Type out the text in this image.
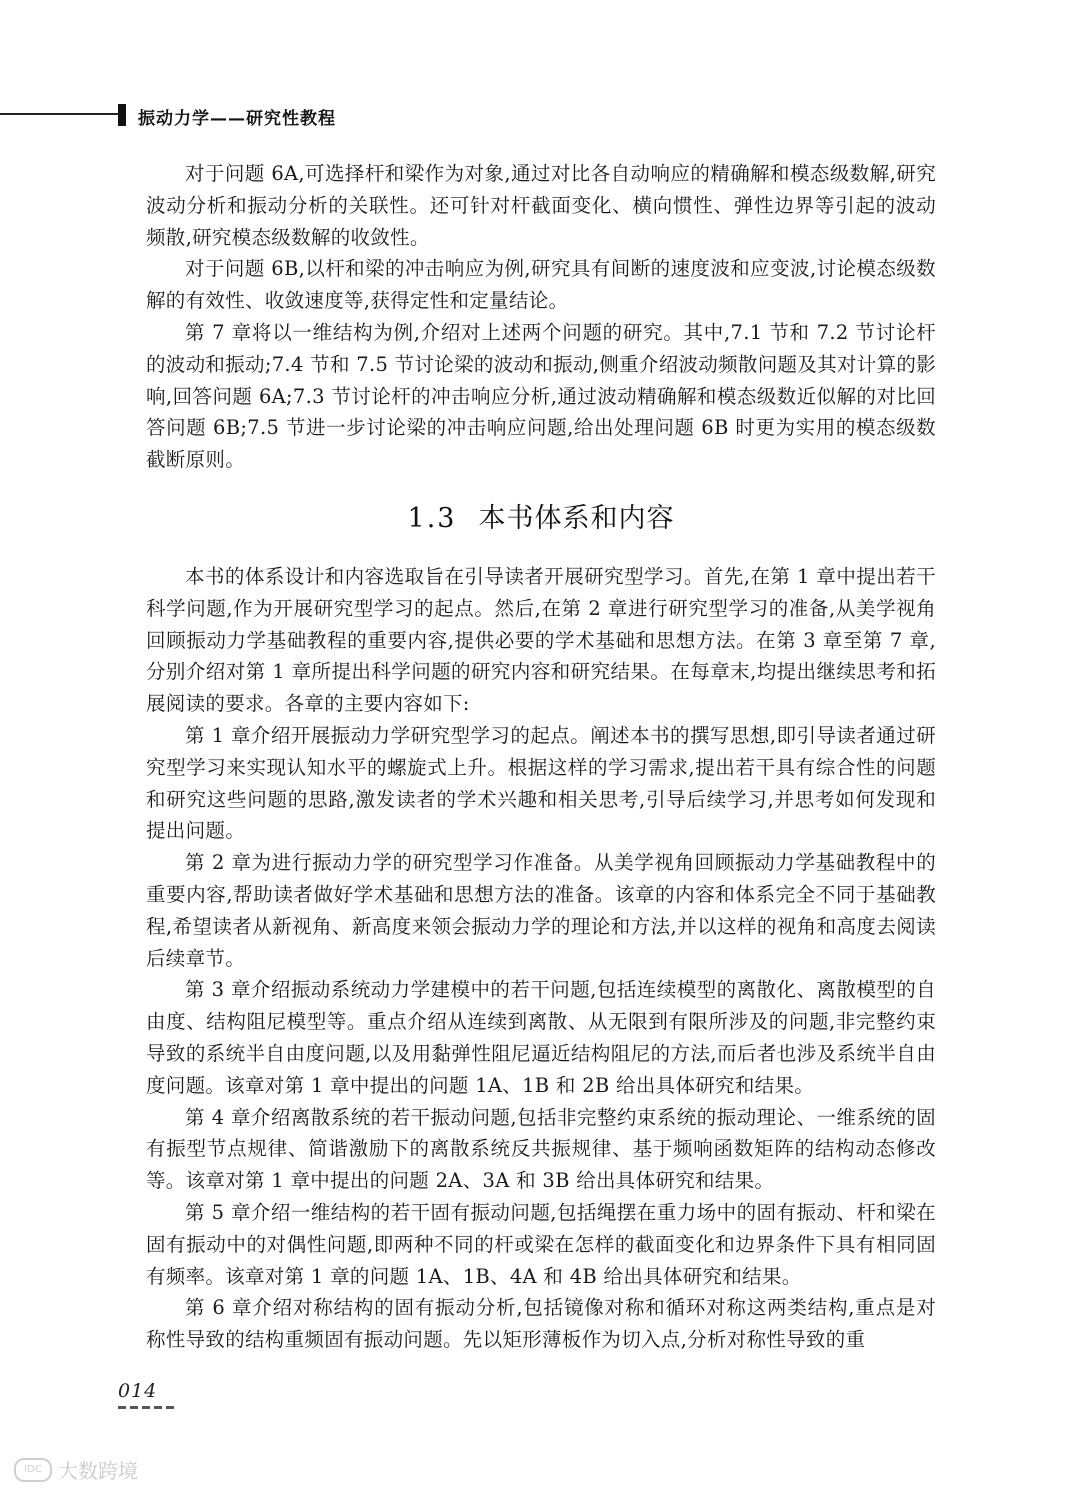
振动力学——研究性教程

对于问题 6A,可选择杆和梁作为对象,通过对比各自动响应的精确解和模态级数解,研究波动分析和振动分析的关联性。还可针对杆截面变化、横向惯性、弹性边界等引起的波动频散,研究模态级数解的收敛性。

对于问题 6B,以杆和梁的冲击响应为例,研究具有间断的速度波和应变波,讨论模态级数解的有效性、收敛速度等,获得定性和定量结论。

第 7 章将以一维结构为例,介绍对上述两个问题的研究。其中,7.1 节和 7.2 节讨论杆的波动和振动;7.4 节和 7.5 节讨论梁的波动和振动,侧重介绍波动频散问题及其对计算的影响,回答问题 6A;7.3 节讨论杆的冲击响应分析,通过波动精确解和模态级数近似解的对比回答问题 6B;7.5 节进一步讨论梁的冲击响应问题,给出处理问题 6B 时更为实用的模态级数截断原则。

1.3 本书体系和内容

本书的体系设计和内容选取旨在引导读者开展研究型学习。首先,在第 1 章中提出若干科学问题,作为开展研究型学习的起点。然后,在第 2 章进行研究型学习的准备,从美学视角回顾振动力学基础教程的重要内容,提供必要的学术基础和思想方法。在第 3 章至第 7 章,分别介绍对第 1 章所提出科学问题的研究内容和研究结果。在每章末,均提出继续思考和拓展阅读的要求。各章的主要内容如下:

第 1 章介绍开展振动力学研究型学习的起点。阐述本书的撰写思想,即引导读者通过研究型学习来实现认知水平的螺旋式上升。根据这样的学习需求,提出若干具有综合性的问题和研究这些问题的思路,激发读者的学术兴趣和相关思考,引导后续学习,并思考如何发现和提出问题。

第 2 章为进行振动力学的研究型学习作准备。从美学视角回顾振动力学基础教程中的重要内容,帮助读者做好学术基础和思想方法的准备。该章的内容和体系完全不同于基础教程,希望读者从新视角、新高度来领会振动力学的理论和方法,并以这样的视角和高度去阅读后续章节。

第 3 章介绍振动系统动力学建模中的若干问题,包括连续模型的离散化、离散模型的自由度、结构阻尼模型等。重点介绍从连续到离散、从无限到有限所涉及的问题,非完整约束导致的系统半自由度问题,以及用黏弹性阻尼逼近结构阻尼的方法,而后者也涉及系统半自由度问题。该章对第 1 章中提出的问题 1A、1B 和 2B 给出具体研究和结果。

第 4 章介绍离散系统的若干振动问题,包括非完整约束系统的振动理论、一维系统的固有振型节点规律、简谐激励下的离散系统反共振规律、基于频响函数矩阵的结构动态修改等。该章对第 1 章中提出的问题 2A、3A 和 3B 给出具体研究和结果。

第 5 章介绍一维结构的若干固有振动问题,包括绳摆在重力场中的固有振动、杆和梁在固有振动中的对偶性问题,即两种不同的杆或梁在怎样的截面变化和边界条件下具有相同固有频率。该章对第 1 章的问题 1A、1B、4A 和 4B 给出具体研究和结果。

第 6 章介绍对称结构的固有振动分析,包括镜像对称和循环对称这两类结构,重点是对称性导致的结构重频固有振动问题。先以矩形薄板作为切入点,分析对称性导致的重

014
IDC 大数跨境
